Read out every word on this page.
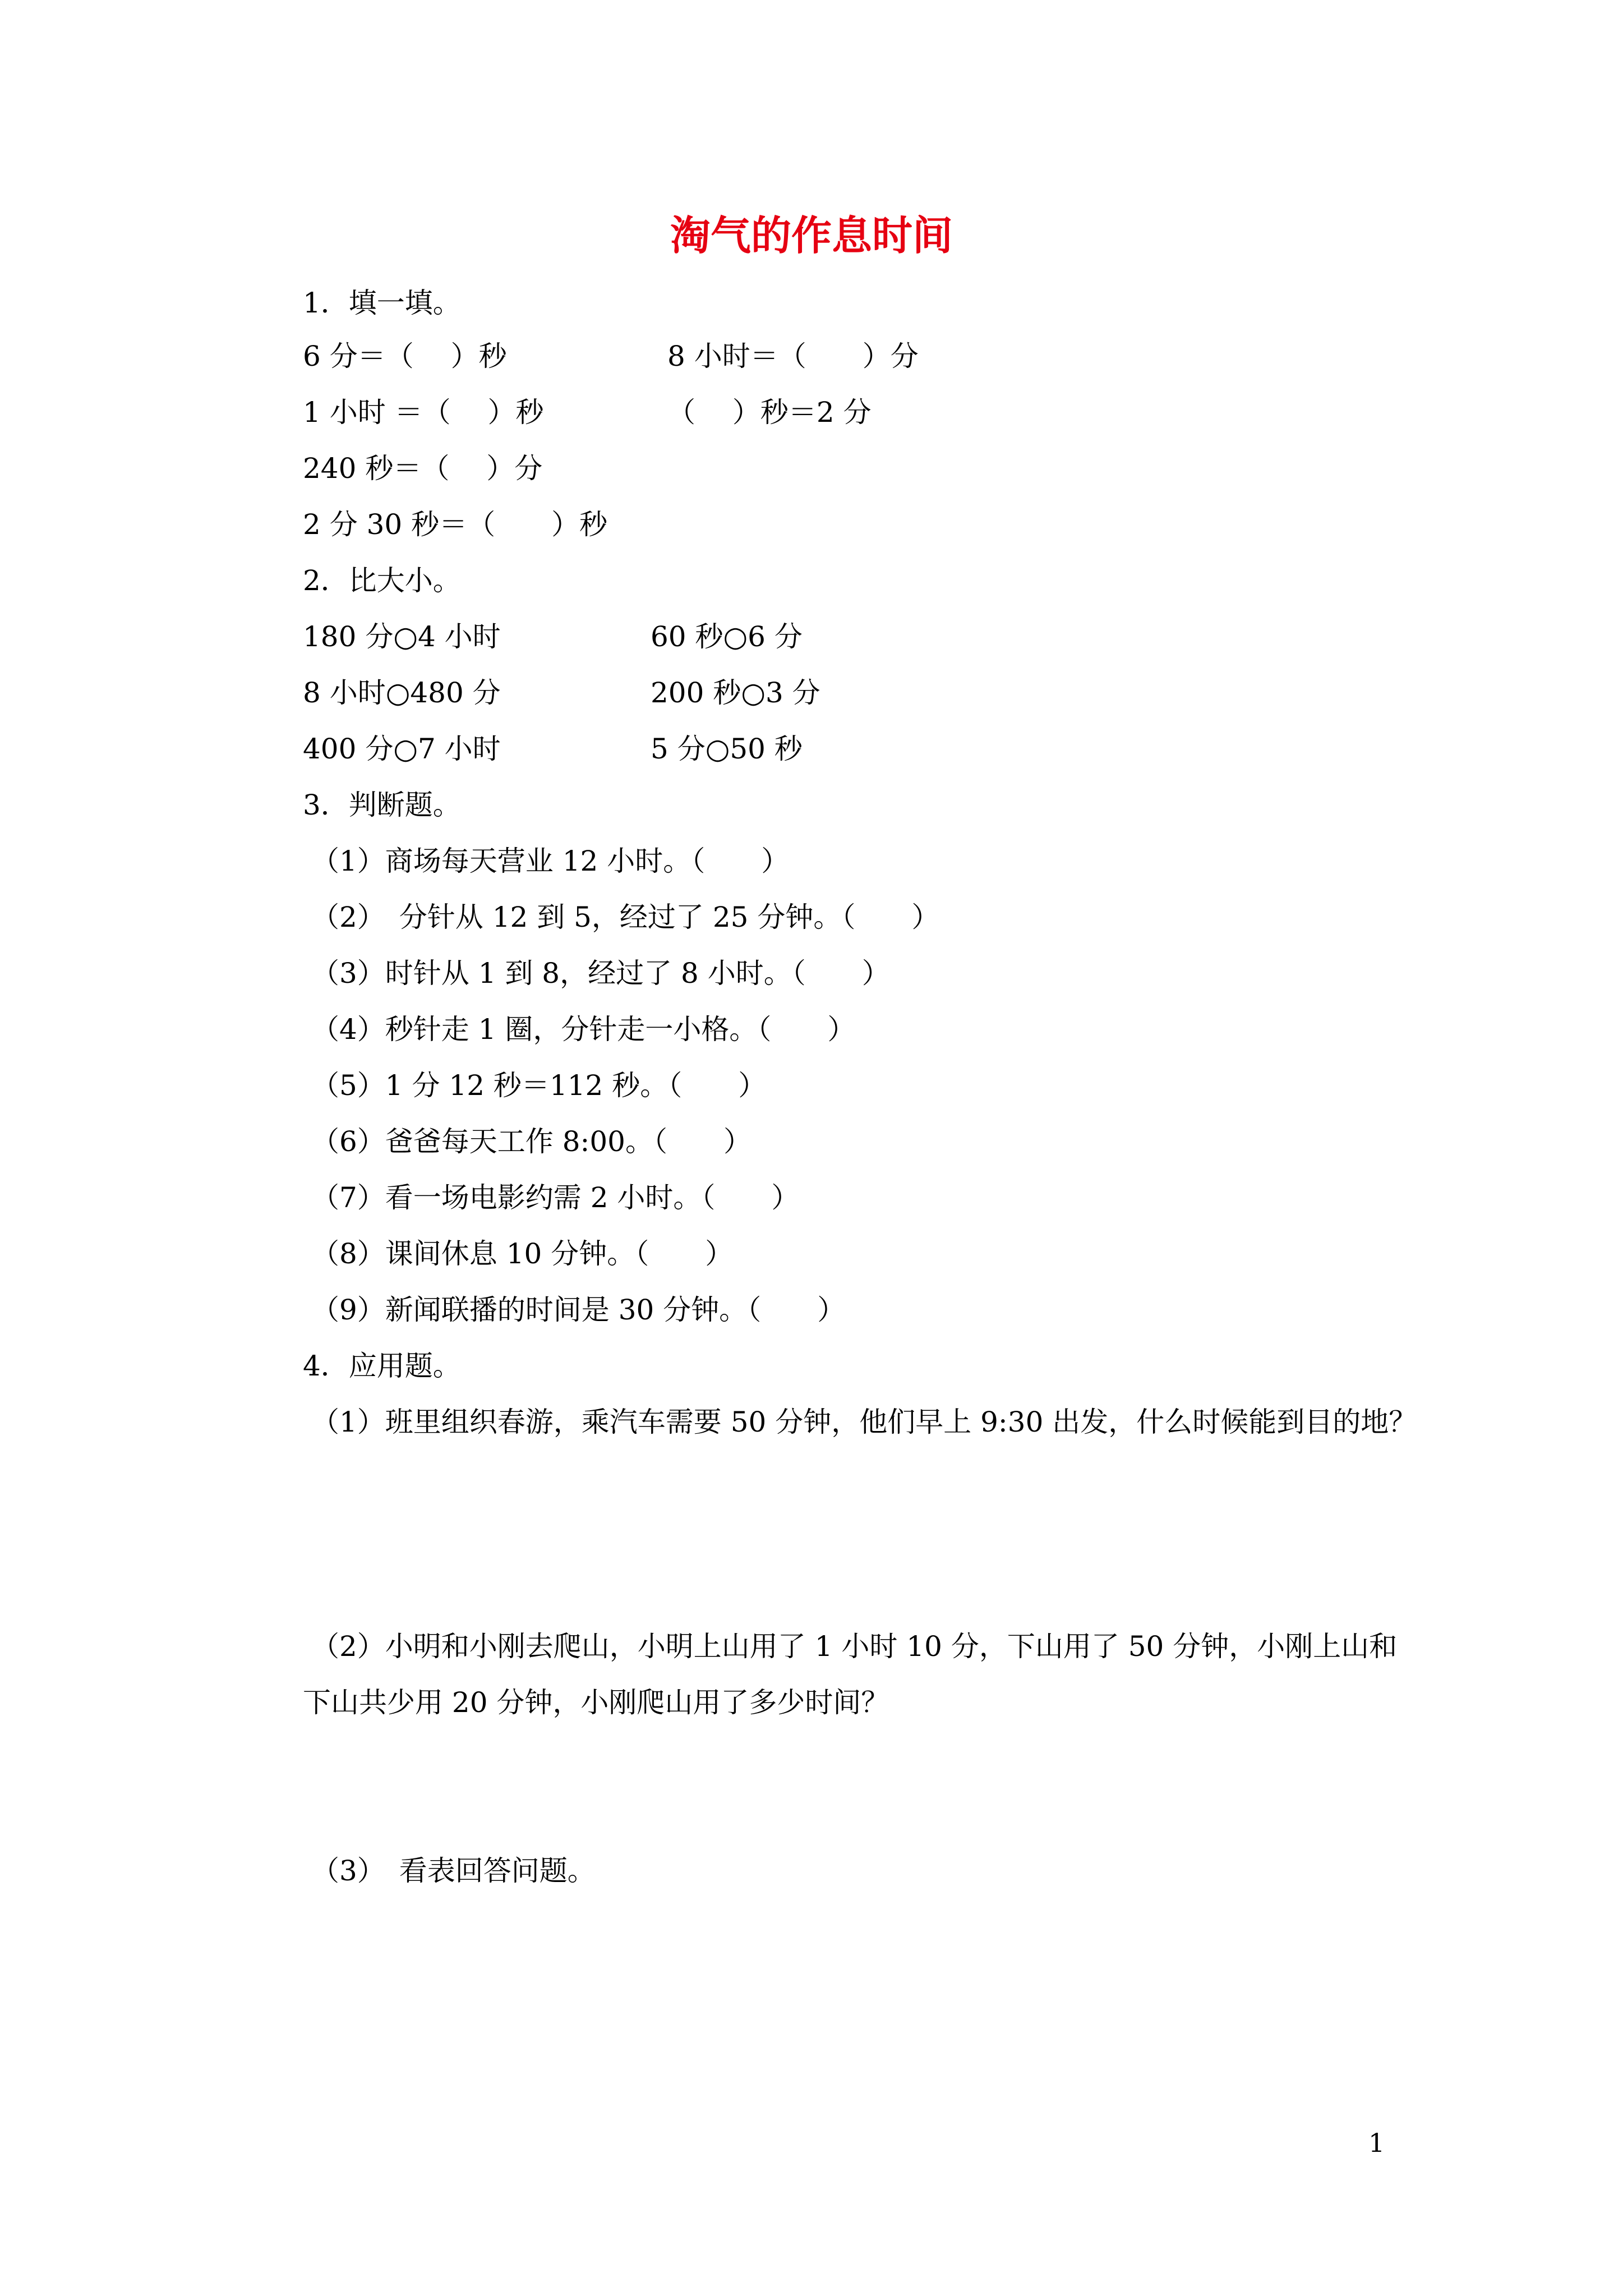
淘气的作息时间
1．填一填。
6 分＝（　 ）秒	8 小时＝（　　）分
1 小时 ＝（　 ）秒	（　 ）秒＝2 分
240 秒＝（　 ）分
2 分 30 秒＝（　　）秒
2．比大小。
180 分○4 小时	60 秒○6 分
8 小时○480 分	200 秒○3 分
400 分○7 小时	5 分○50 秒
3．判断题。
（1）商场每天营业 12 小时。（　　）
（2）　分针从 12 到 5，经过了 25 分钟。（　　）
（3）时针从 1 到 8，经过了 8 小时。（　　）
（4）秒针走 1 圈，分针走一小格。（　　）
（5）1 分 12 秒＝112 秒。（　　）
（6）爸爸每天工作 8:00。（　　）
（7）看一场电影约需 2 小时。（　　）
（8）课间休息 10 分钟。（　　）
（9）新闻联播的时间是 30 分钟。（　　）
4．应用题。
（1）班里组织春游，乘汽车需要 50 分钟，他们早上 9:30 出发，什么时候能到目的地？
（2）小明和小刚去爬山，小明上山用了 1 小时 10 分，下山用了 50 分钟，小刚上山和
下山共少用 20 分钟，小刚爬山用了多少时间？
（3）　看表回答问题。
1
